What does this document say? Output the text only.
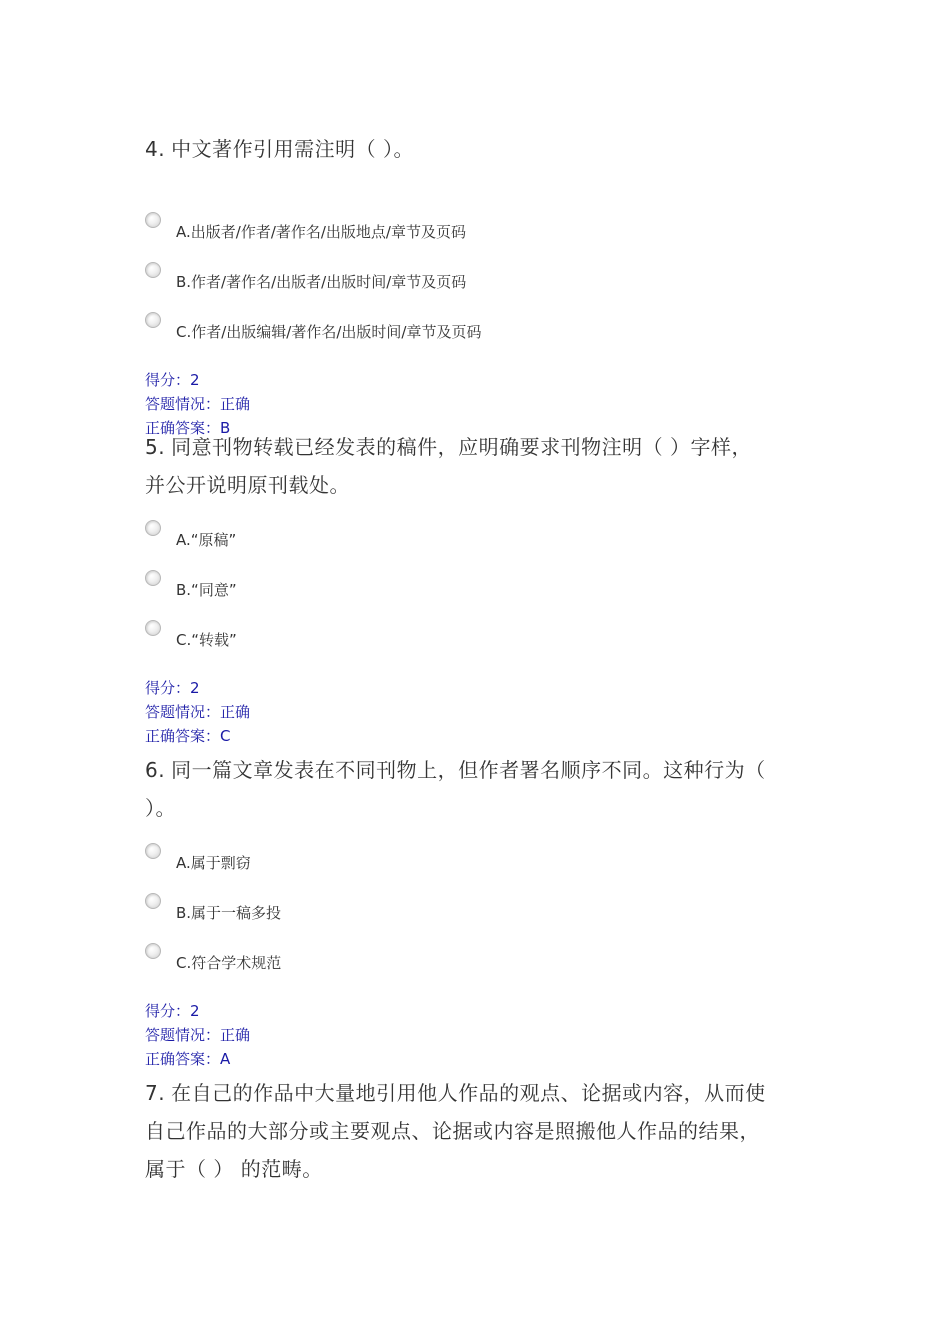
4. 中文著作引用需注明（ ）。

A.出版者/作者/著作名/出版地点/章节及页码
B.作者/著作名/出版者/出版时间/章节及页码
C.作者/出版编辑/著作名/出版时间/章节及页码
得分：2
答题情况：正确
正确答案：B

5. 同意刊物转载已经发表的稿件，应明确要求刊物注明（ ）字样，
并公开说明原刊载处。

A.“原稿”
B.“同意”
C.“转载”
得分：2
答题情况：正确
正确答案：C

6. 同一篇文章发表在不同刊物上，但作者署名顺序不同。这种行为（
）。

A.属于剽窃
B.属于一稿多投
C.符合学术规范
得分：2
答题情况：正确
正确答案：A

7. 在自己的作品中大量地引用他人作品的观点、论据或内容，从而使
自己作品的大部分或主要观点、论据或内容是照搬他人作品的结果，
属于（ ） 的范畴。
